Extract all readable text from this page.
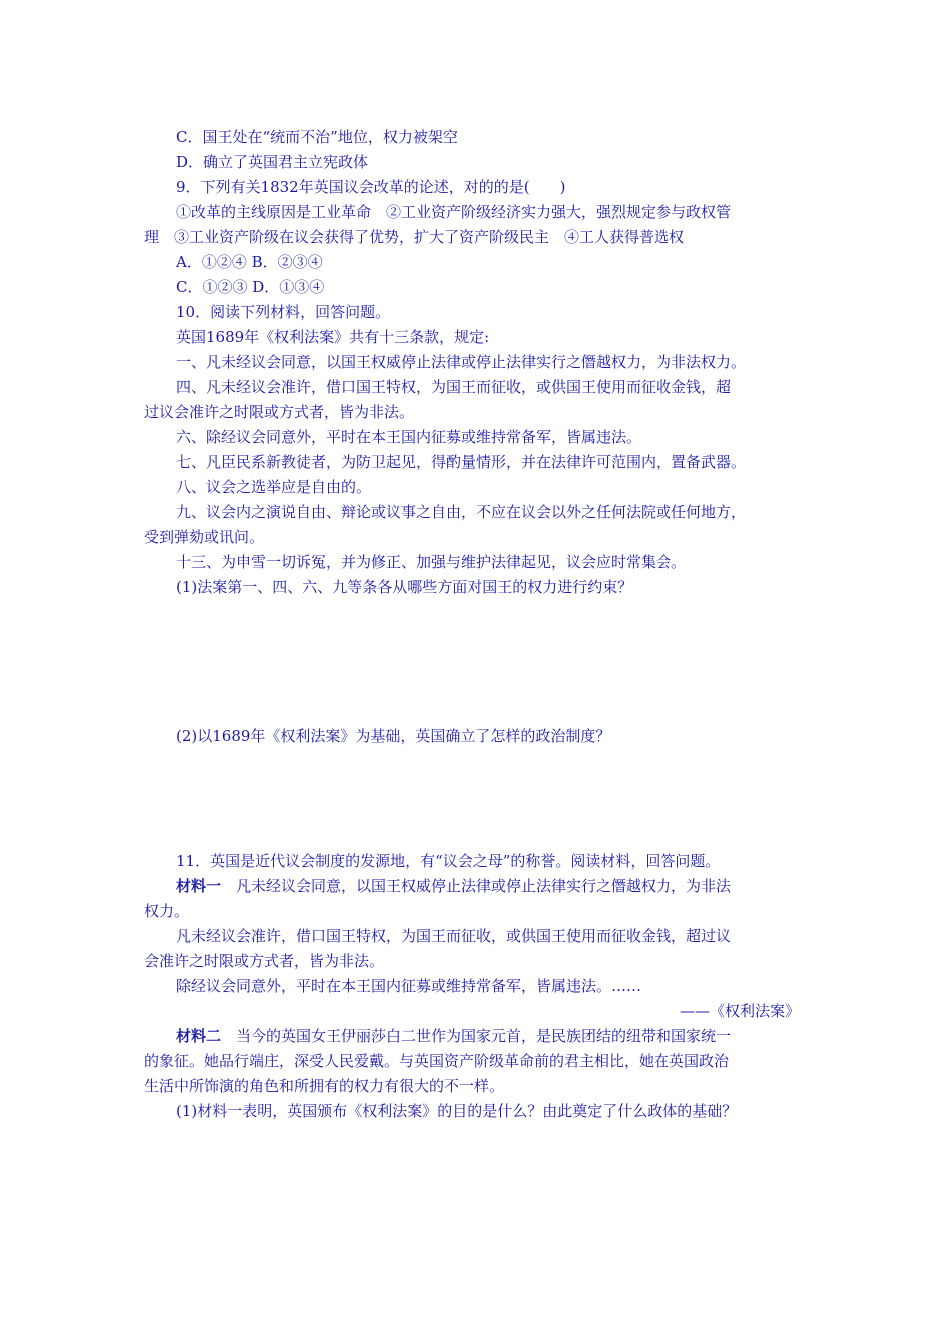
C．国王处在“统而不治”地位，权力被架空
D．确立了英国君主立宪政体
9．下列有关1832年英国议会改革的论述，对的的是(　　)
①改革的主线原因是工业革命　②工业资产阶级经济实力强大，强烈规定参与政权管
理　③工业资产阶级在议会获得了优势，扩大了资产阶级民主　④工人获得普选权
A．①②④ B．②③④
C．①②③ D．①③④
10．阅读下列材料，回答问题。
英国1689年《权利法案》共有十三条款，规定:
一、凡未经议会同意，以国王权威停止法律或停止法律实行之僭越权力，为非法权力。
四、凡未经议会准许，借口国王特权，为国王而征收，或供国王使用而征收金钱，超
过议会准许之时限或方式者，皆为非法。
六、除经议会同意外，平时在本王国内征募或维持常备军，皆属违法。
七、凡臣民系新教徒者，为防卫起见，得酌量情形，并在法律许可范围内，置备武器。
八、议会之选举应是自由的。
九、议会内之演说自由、辩论或议事之自由，不应在议会以外之任何法院或任何地方，
受到弹劾或讯问。
十三、为申雪一切诉冤，并为修正、加强与维护法律起见，议会应时常集会。
(1)法案第一、四、六、九等条各从哪些方面对国王的权力进行约束？
(2)以1689年《权利法案》为基础，英国确立了怎样的政治制度？
11．英国是近代议会制度的发源地，有“议会之母”的称誉。阅读材料，回答问题。
材料一　凡未经议会同意，以国王权威停止法律或停止法律实行之僭越权力，为非法
权力。
凡未经议会准许，借口国王特权，为国王而征收，或供国王使用而征收金钱，超过议
会准许之时限或方式者，皆为非法。
除经议会同意外，平时在本王国内征募或维持常备军，皆属违法。……
——《权利法案》
材料二　当今的英国女王伊丽莎白二世作为国家元首，是民族团结的纽带和国家统一
的象征。她品行端庄，深受人民爱戴。与英国资产阶级革命前的君主相比，她在英国政治
生活中所饰演的角色和所拥有的权力有很大的不一样。
(1)材料一表明，英国颁布《权利法案》的目的是什么？由此奠定了什么政体的基础？
